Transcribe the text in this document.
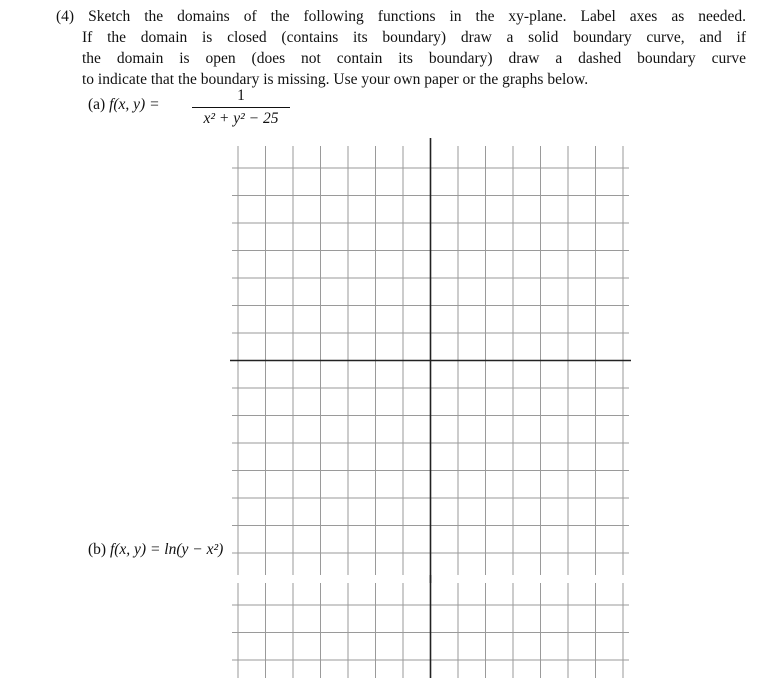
(4) Sketch the domains of the following functions in the xy-plane. Label axes as needed.
If the domain is closed (contains its boundary) draw a solid boundary curve, and if
the domain is open (does not contain its boundary) draw a dashed boundary curve
to indicate that the boundary is missing. Use your own paper or the graphs below.
(a) f(x, y) =
1
x² + y² − 25
(b) f(x, y) = ln(y − x²)
